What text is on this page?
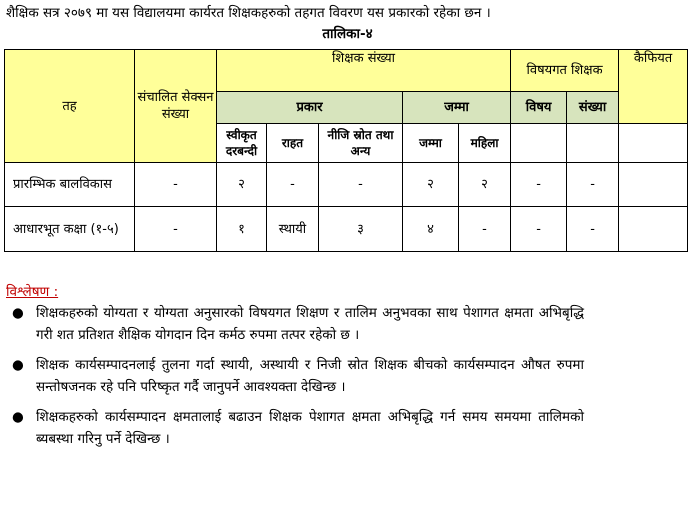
शैक्षिक सत्र २०७९ मा यस विद्यालयमा कार्यरत शिक्षकहरुको तहगत विवरण यस प्रकारको रहेका छन ।
तालिका-४
तह	संचालित सेक्सन संख्या	शिक्षक संख्या					विषयगत शिक्षक		कैफियत
		प्रकार			जम्मा		विषय	संख्या	
		स्वीकृत दरबन्दी	राहत	नीजि स्रोत तथा अन्य	जम्मा	महिला			
प्रारम्भिक बालविकास	-	२	-	-	२	२	-	-	
आधारभूत कक्षा (१-५)	-	१	स्थायी	३	४	-	-	-	
विश्लेषण :
● शिक्षकहरुको योग्यता र योग्यता अनुसारको विषयगत शिक्षण र तालिम अनुभवका साथ पेशागत क्षमता अभिबृद्धि गरी शत प्रतिशत शैक्षिक योगदान दिन कर्मठ रुपमा तत्पर रहेको छ ।
● शिक्षक कार्यसम्पादनलाई तुलना गर्दा स्थायी, अस्थायी र निजी स्रोत शिक्षक बीचको कार्यसम्पादन औषत रुपमा सन्तोषजनक रहे पनि परिष्कृत गर्दै जानुपर्ने आवश्यक्ता देखिन्छ ।
● शिक्षकहरुको कार्यसम्पादन क्षमतालाई बढाउन शिक्षक पेशागत क्षमता अभिबृद्धि गर्न समय समयमा तालिमको ब्यबस्था गरिनु पर्ने देखिन्छ ।
